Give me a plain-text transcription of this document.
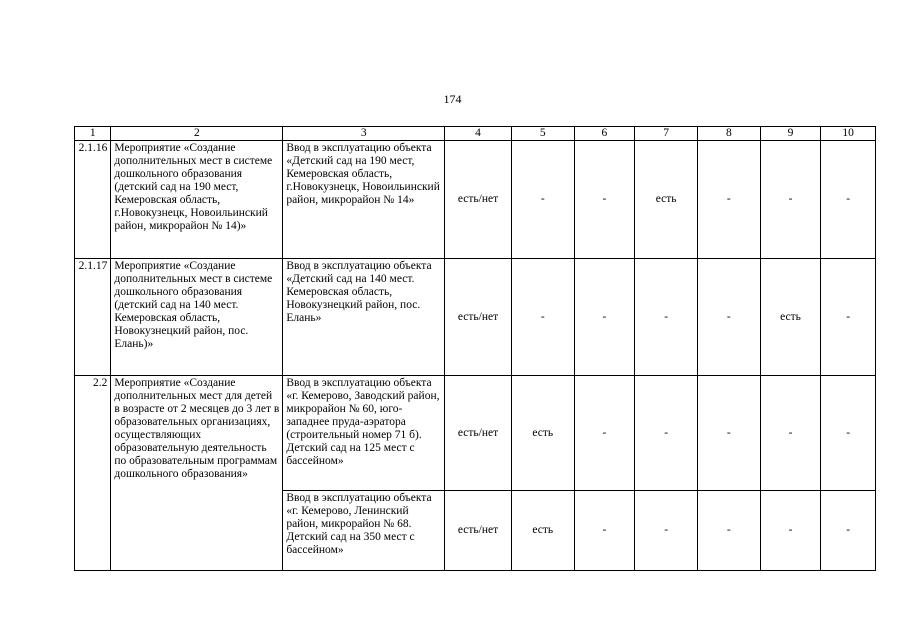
174
1	2	3	4	5	6	7	8	9	10
2.1.16	Мероприятие «Создание дополнительных мест в системе дошкольного образования (детский сад на 190 мест, Кемеровская область, г.Новокузнецк, Новоильинский район, микрорайон № 14)»	Ввод в эксплуатацию объекта «Детский сад на 190 мест, Кемеровская область, г.Новокузнецк, Новоильинский район, микрорайон № 14»	есть/нет	-	-	есть	-	-	-
2.1.17	Мероприятие «Создание дополнительных мест в системе дошкольного образования (детский сад на 140 мест. Кемеровская область, Новокузнецкий район, пос. Елань)»	Ввод в эксплуатацию объекта «Детский сад на 140 мест. Кемеровская область, Новокузнецкий район, пос. Елань»	есть/нет	-	-	-	-	есть	-
2.2	Мероприятие «Создание дополнительных мест для детей в возрасте от 2 месяцев до 3 лет в образовательных организациях, осуществляющих образовательную деятельность по образовательным программам дошкольного образования»	Ввод в эксплуатацию объекта «г. Кемерово, Заводский район, микрорайон № 60, юго-западнее пруда-аэратора (строительный номер 71 б). Детский сад на 125 мест с бассейном»	есть/нет	есть	-	-	-	-	-
		Ввод в эксплуатацию объекта «г. Кемерово, Ленинский район, микрорайон № 68. Детский сад на 350 мест с бассейном»	есть/нет	есть	-	-	-	-	-
